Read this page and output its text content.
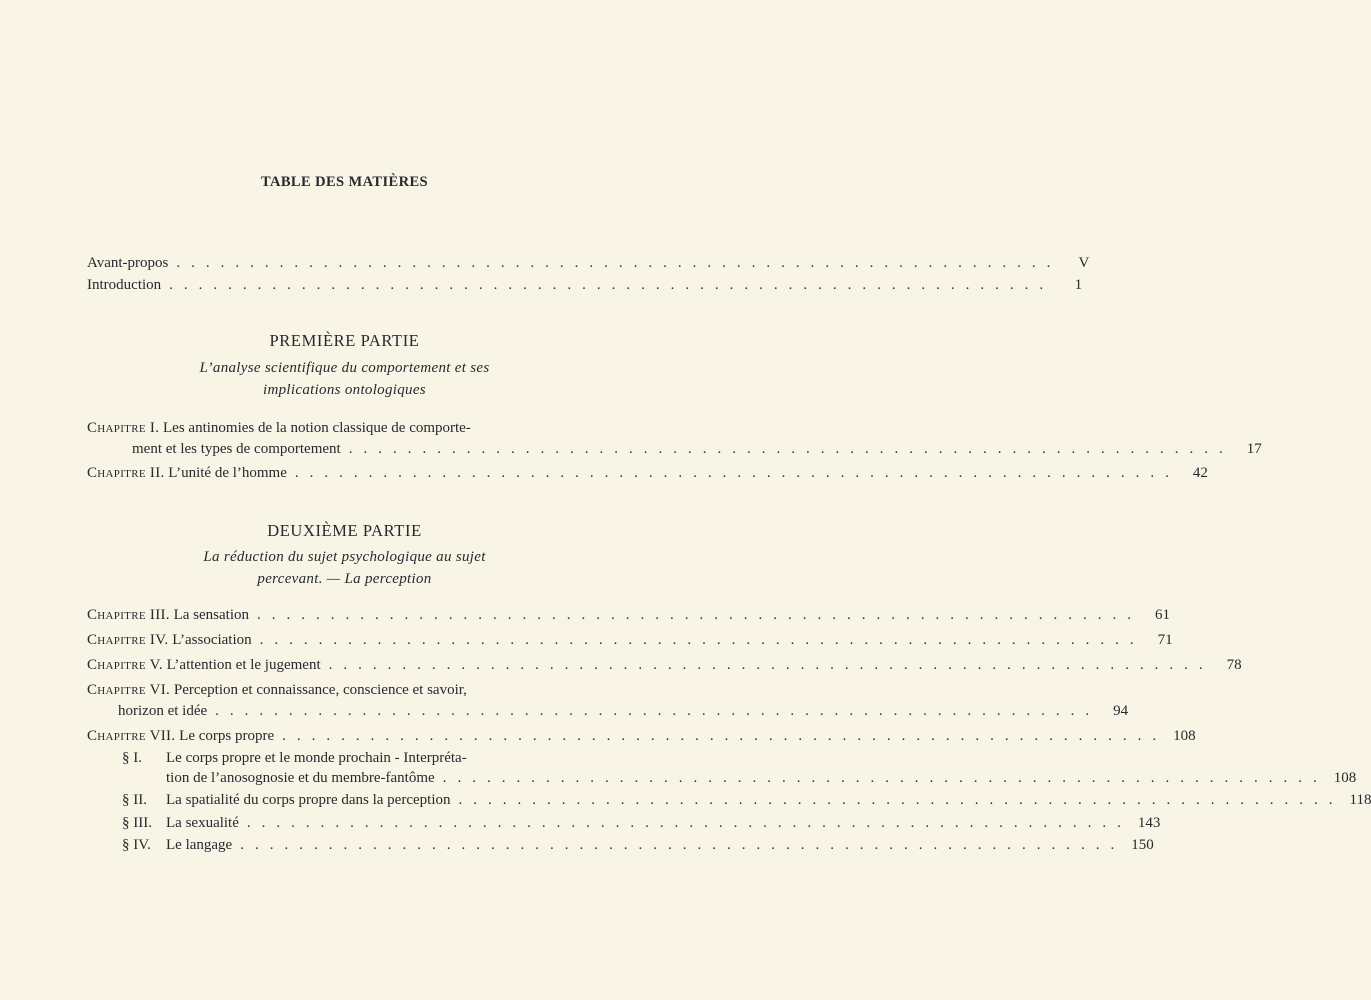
TABLE DES MATIÈRES
Avant-propos ............................................................	V
Introduction ............................................................	1
PREMIÈRE PARTIE
L’analyse scientifique du comportement et ses
implications ontologiques
Chapitre I. Les antinomies de la notion classique de comporte-
ment et les types de comportement ............................................................ 17
Chapitre II. L’unité de l’homme ............................................................ 42
DEUXIÈME PARTIE
La réduction du sujet psychologique au sujet
percevant. — La perception
Chapitre III. La sensation ............................................................ 61
Chapitre IV. L’association ............................................................ 71
Chapitre V. L’attention et le jugement ............................................................ 78
Chapitre VI. Perception et connaissance, conscience et savoir,
horizon et idée ............................................................ 94
Chapitre VII. Le corps propre ............................................................ 108
§ I. Le corps propre et le monde prochain - Interpréta-
tion de l’anosognosie et du membre-fantôme ............................................................ 108
§ II. La spatialité du corps propre dans la perception ............................................................ 118
§ III. La sexualité ............................................................ 143
§ IV. Le langage ............................................................ 150
